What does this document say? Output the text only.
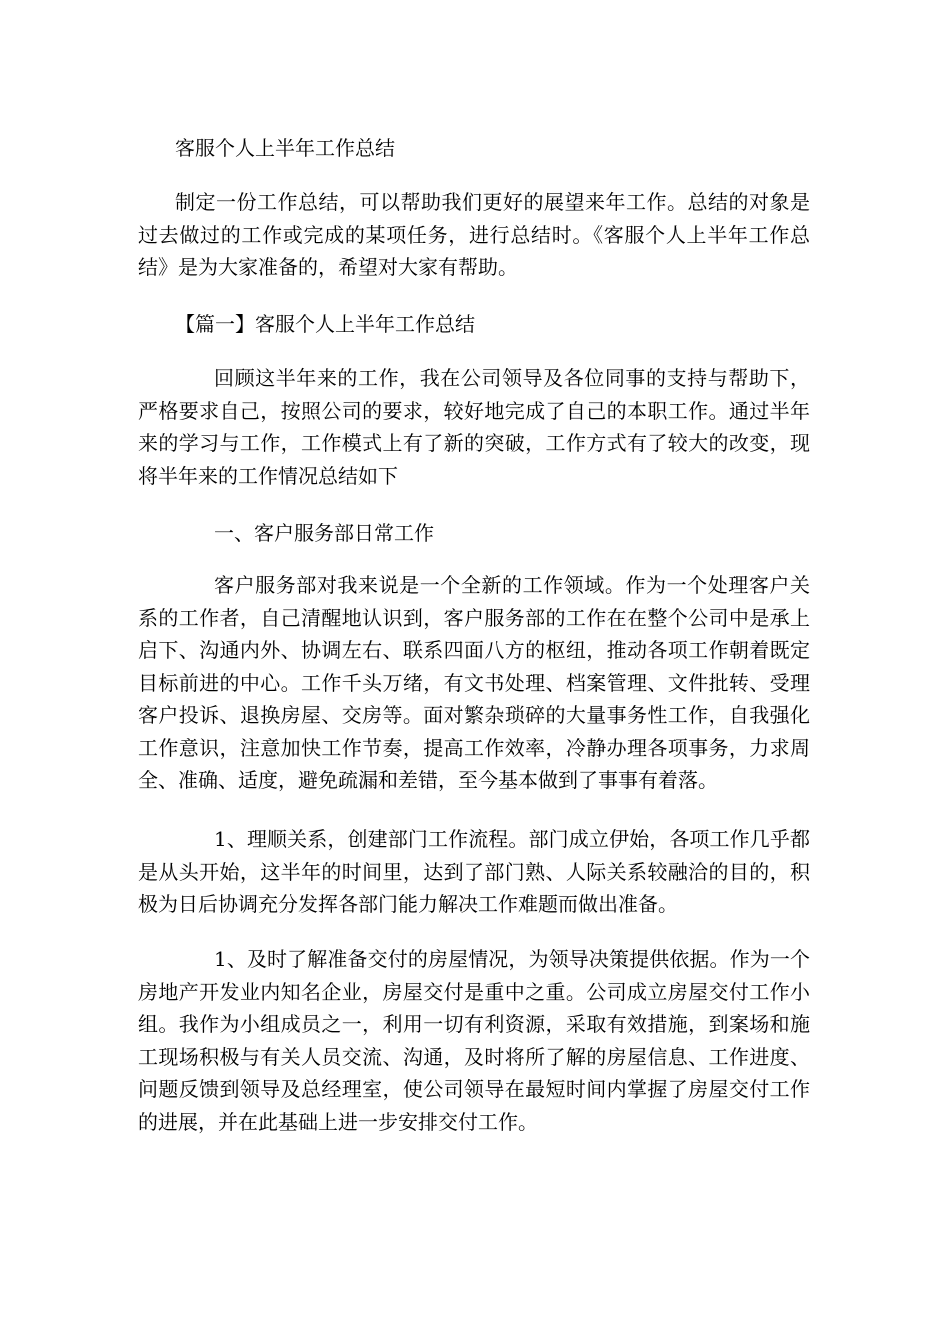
客服个人上半年工作总结

制定一份工作总结，可以帮助我们更好的展望来年工作。总结的对象是过去做过的工作或完成的某项任务，进行总结时。《客服个人上半年工作总结》是为大家准备的，希望对大家有帮助。

【篇一】客服个人上半年工作总结

回顾这半年来的工作，我在公司领导及各位同事的支持与帮助下，严格要求自己，按照公司的要求，较好地完成了自己的本职工作。通过半年来的学习与工作，工作模式上有了新的突破，工作方式有了较大的改变，现将半年来的工作情况总结如下

一、客户服务部日常工作

客户服务部对我来说是一个全新的工作领域。作为一个处理客户关系的工作者，自己清醒地认识到，客户服务部的工作在在整个公司中是承上启下、沟通内外、协调左右、联系四面八方的枢纽，推动各项工作朝着既定目标前进的中心。工作千头万绪，有文书处理、档案管理、文件批转、受理客户投诉、退换房屋、交房等。面对繁杂琐碎的大量事务性工作，自我强化工作意识，注意加快工作节奏，提高工作效率，冷静办理各项事务，力求周全、准确、适度，避免疏漏和差错，至今基本做到了事事有着落。

1、理顺关系，创建部门工作流程。部门成立伊始，各项工作几乎都是从头开始，这半年的时间里，达到了部门熟、人际关系较融洽的目的，积极为日后协调充分发挥各部门能力解决工作难题而做出准备。

1、及时了解准备交付的房屋情况，为领导决策提供依据。作为一个房地产开发业内知名企业，房屋交付是重中之重。公司成立房屋交付工作小组。我作为小组成员之一，利用一切有利资源，采取有效措施，到案场和施工现场积极与有关人员交流、沟通，及时将所了解的房屋信息、工作进度、问题反馈到领导及总经理室，使公司领导在最短时间内掌握了房屋交付工作的进展，并在此基础上进一步安排交付工作。
